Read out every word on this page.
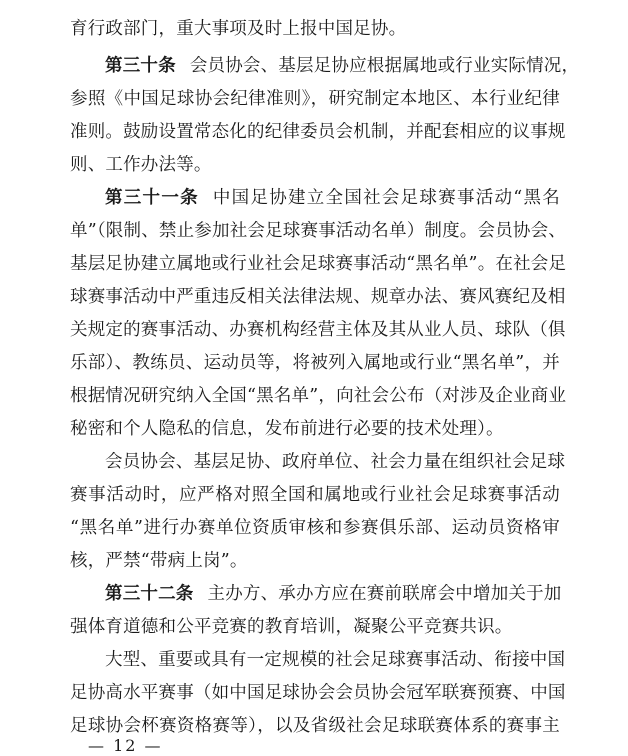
育行政部门，重大事项及时上报中国足协。
第三十条 会员协会、基层足协应根据属地或行业实际情况，
参照《中国足球协会纪律准则》，研究制定本地区、本行业纪律
准则。鼓励设置常态化的纪律委员会机制，并配套相应的议事规
则、工作办法等。
第三十一条 中国足协建立全国社会足球赛事活动“黑名
单”（限制、禁止参加社会足球赛事活动名单）制度。会员协会、
基层足协建立属地或行业社会足球赛事活动“黑名单”。在社会足
球赛事活动中严重违反相关法律法规、规章办法、赛风赛纪及相
关规定的赛事活动、办赛机构经营主体及其从业人员、球队（俱
乐部）、教练员、运动员等，将被列入属地或行业“黑名单”，并
根据情况研究纳入全国“黑名单”，向社会公布（对涉及企业商业
秘密和个人隐私的信息，发布前进行必要的技术处理）。
会员协会、基层足协、政府单位、社会力量在组织社会足球
赛事活动时，应严格对照全国和属地或行业社会足球赛事活动
“黑名单”进行办赛单位资质审核和参赛俱乐部、运动员资格审
核，严禁“带病上岗”。
第三十二条 主办方、承办方应在赛前联席会中增加关于加
强体育道德和公平竞赛的教育培训，凝聚公平竞赛共识。
大型、重要或具有一定规模的社会足球赛事活动、衔接中国
足协高水平赛事（如中国足球协会会员协会冠军联赛预赛、中国
足球协会杯赛资格赛等），以及省级社会足球联赛体系的赛事主
— 12 —
